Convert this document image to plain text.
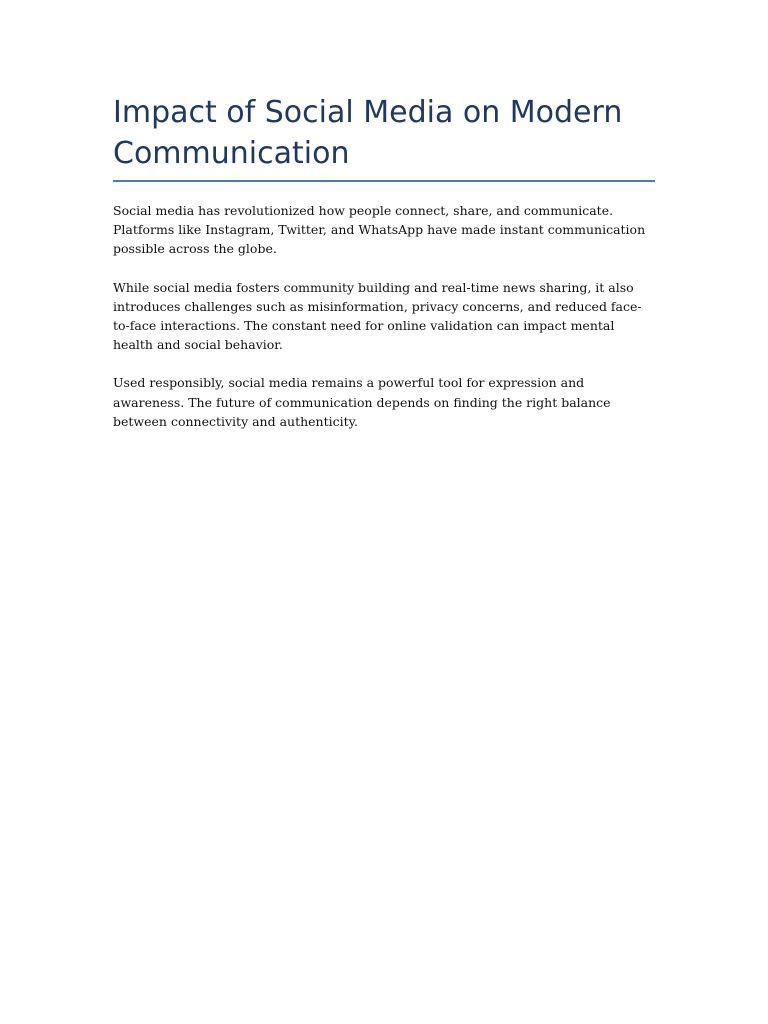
Impact of Social Media on Modern Communication

Social media has revolutionized how people connect, share, and communicate. Platforms like Instagram, Twitter, and WhatsApp have made instant communication possible across the globe.

While social media fosters community building and real-time news sharing, it also introduces challenges such as misinformation, privacy concerns, and reduced face-to-face interactions. The constant need for online validation can impact mental health and social behavior.

Used responsibly, social media remains a powerful tool for expression and awareness. The future of communication depends on finding the right balance between connectivity and authenticity.
